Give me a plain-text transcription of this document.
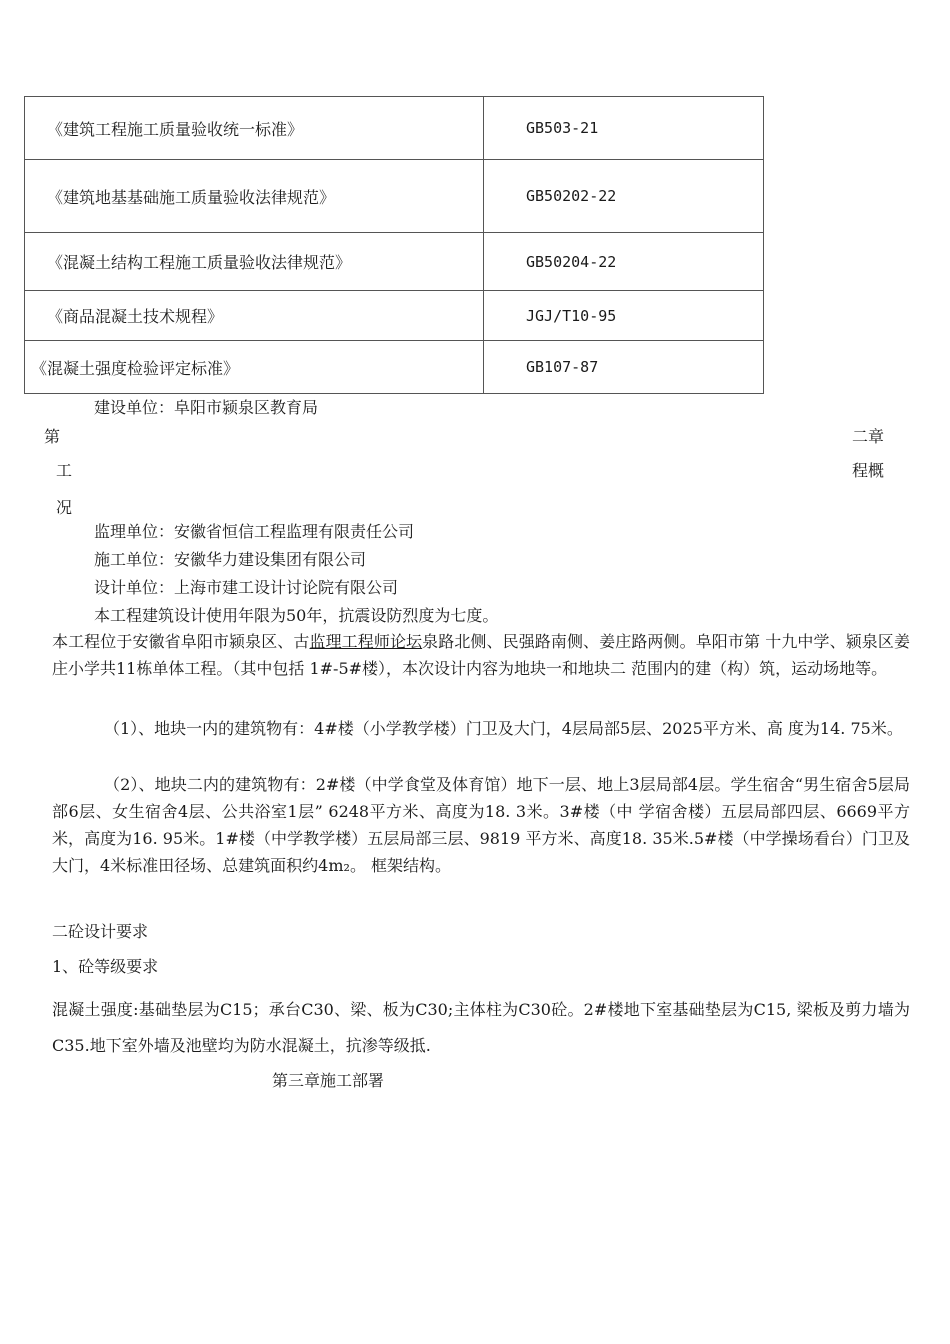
《建筑工程施工质量验收统一标准》	GB503-21
《建筑地基基础施工质量验收法律规范》	GB50202-22
《混凝土结构工程施工质量验收法律规范》	GB50204-22
《商品混凝土技术规程》	JGJ/T10-95
《混凝土强度检验评定标准》	GB107-87
建设单位：阜阳市颍泉区教育局
第	二章
工	程概
况
监理单位：安徽省恒信工程监理有限责任公司
施工单位：安徽华力建设集团有限公司
设计单位：上海市建工设计讨论院有限公司
本工程建筑设计使用年限为50年，抗震设防烈度为七度。
本工程位于安徽省阜阳市颍泉区、古监理工程师论坛泉路北侧、民强路南侧、姜庄路两侧。阜阳市第 十九中学、颍泉区姜庄小学共11栋单体工程。（其中包括 1#-5#楼），本次设计内容为地块一和地块二 范围内的建（构）筑，运动场地等。
（1）、地块一内的建筑物有：4#楼（小学教学楼）门卫及大门，4层局部5层、2025平方米、高 度为14. 75米。
（2）、地块二内的建筑物有：2#楼（中学食堂及体育馆）地下一层、地上3层局部4层。学生宿舍“男生宿舍5层局部6层、女生宿舍4层、公共浴室1层” 6248平方米、高度为18. 3米。3#楼（中 学宿舍楼）五层局部四层、6669平方米，高度为16. 95米。1#楼（中学教学楼）五层局部三层、9819 平方米、高度18. 35米.5#楼（中学操场看台）门卫及大门，4米标准田径场、总建筑面积约4m₂。 框架结构。
二砼设计要求
1、砼等级要求
混凝土强度:基础垫层为C15；承台C30、梁、板为C30;主体柱为C30砼。2#楼地下室基础垫层为C15, 梁板及剪力墙为C35.地下室外墙及池壁均为防水混凝土，抗渗等级抵.
第三章施工部署
